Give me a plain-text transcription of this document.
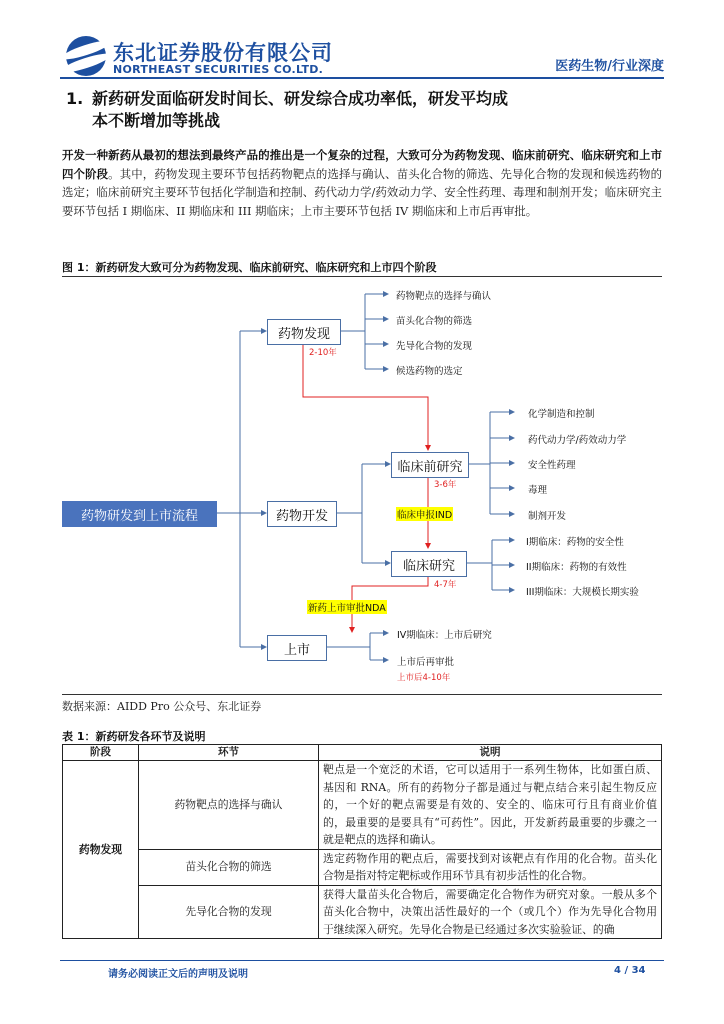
东北证券股份有限公司
NORTHEAST SECURITIES CO.LTD.	医药生物/行业深度
1. 新药研发面临研发时间长、研发综合成功率低，研发平均成
本不断增加等挑战
开发一种新药从最初的想法到最终产品的推出是一个复杂的过程，大致可分为药物发现、临床前研究、临床研究和上市四个阶段。其中，药物发现主要环节包括药物靶点的选择与确认、苗头化合物的筛选、先导化合物的发现和候选药物的选定；临床前研究主要环节包括化学制造和控制、药代动力学/药效动力学、安全性药理、毒理和制剂开发；临床研究主要环节包括 I 期临床、II 期临床和 III 期临床；上市主要环节包括 IV 期临床和上市后再审批。
图 1：新药研发大致可分为药物发现、临床前研究、临床研究和上市四个阶段
药物研发到上市流程
药物发现
药物开发
临床前研究
临床研究
上市
药物靶点的选择与确认
苗头化合物的筛选
先导化合物的发现
候选药物的选定
化学制造和控制
药代动力学/药效动力学
安全性药理
毒理
制剂开发
I期临床：药物的安全性
II期临床：药物的有效性
III期临床：大规模长期实验
IV期临床：上市后研究
上市后再审批
2-10年
3-6年
4-7年
上市后4-10年
临床申报IND
新药上市审批NDA
数据来源：AIDD Pro 公众号、东北证券
表 1：新药研发各环节及说明
阶段	环节	说明
药物发现	药物靶点的选择与确认	靶点是一个宽泛的术语，它可以适用于一系列生物体，比如蛋白质、基因和 RNA。所有的药物分子都是通过与靶点结合来引起生物反应的，一个好的靶点需要是有效的、安全的、临床可行且有商业价值的，最重要的是要具有“可药性”。因此，开发新药最重要的步骤之一就是靶点的选择和确认。
	苗头化合物的筛选	选定药物作用的靶点后，需要找到对该靶点有作用的化合物。苗头化合物是指对特定靶标或作用环节具有初步活性的化合物。
	先导化合物的发现	获得大量苗头化合物后，需要确定化合物作为研究对象。一般从多个苗头化合物中，决策出活性最好的一个（或几个）作为先导化合物用于继续深入研究。先导化合物是已经通过多次实验验证、的确
请务必阅读正文后的声明及说明	4 / 34
